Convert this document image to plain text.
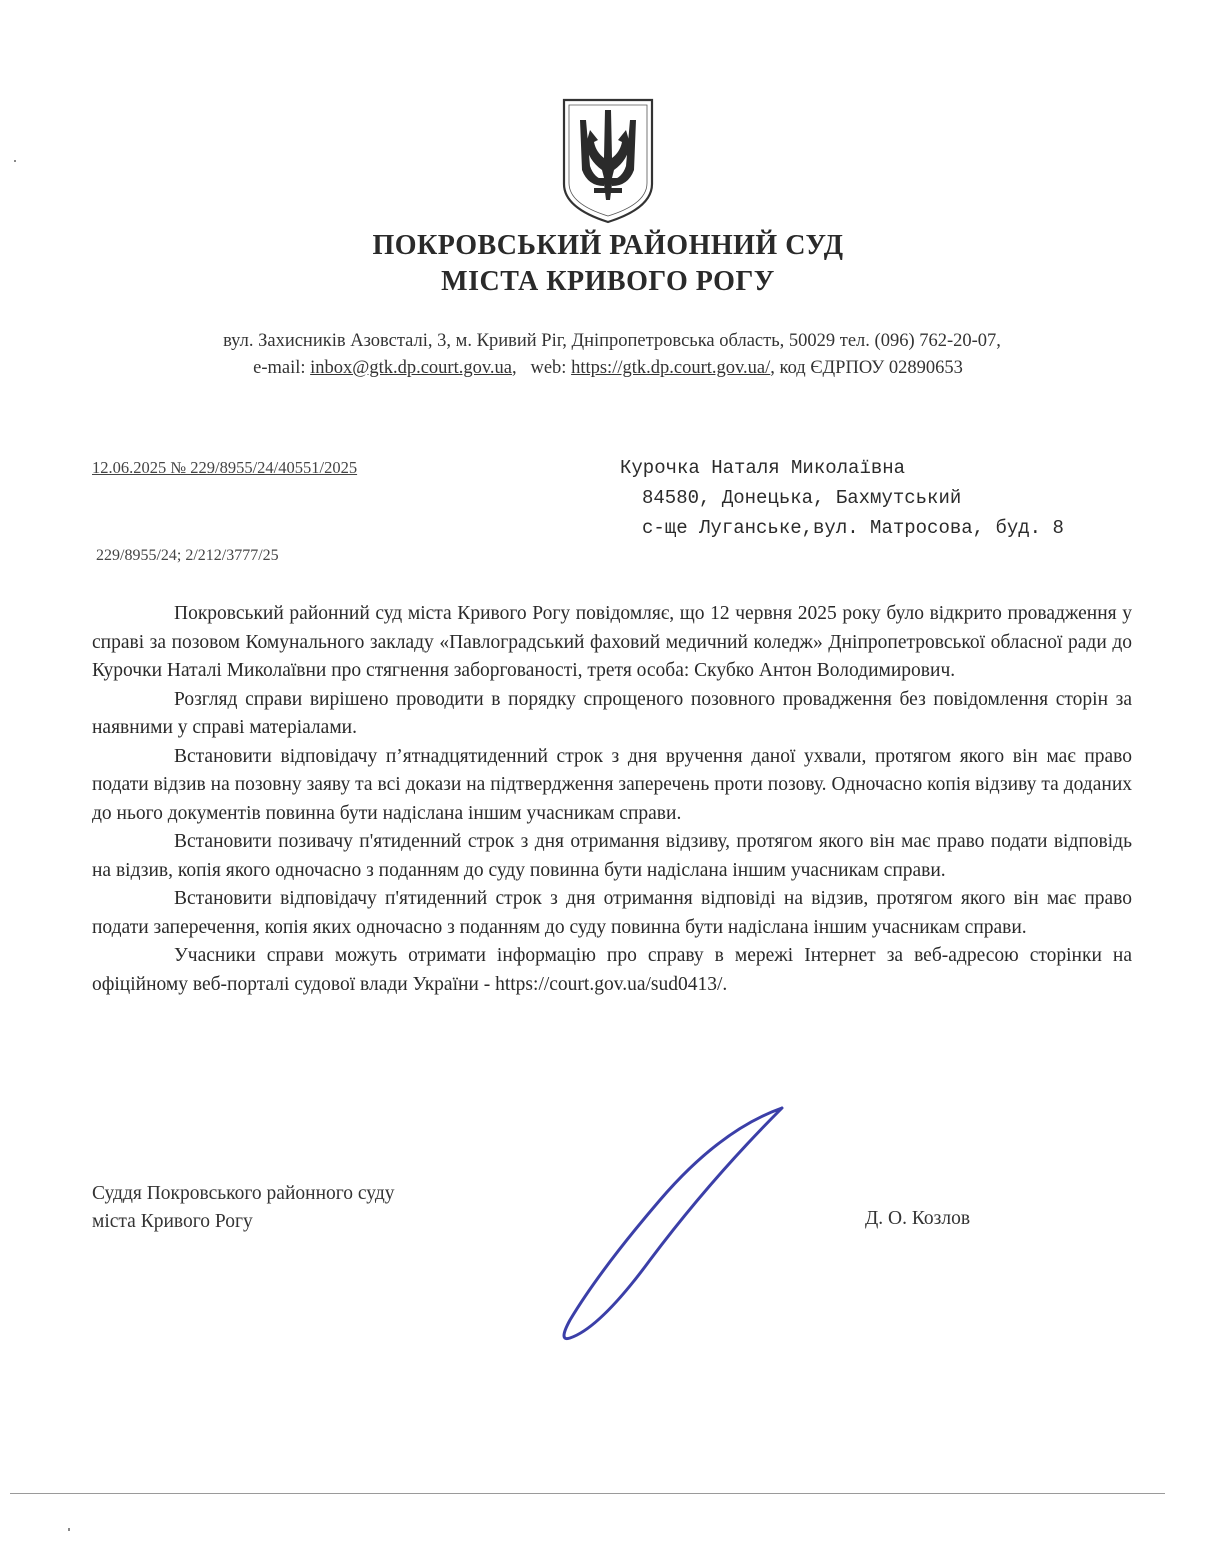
ПОКРОВСЬКИЙ РАЙОННИЙ СУД
МІСТА КРИВОГО РОГУ
вул. Захисників Азовсталі, 3, м. Кривий Ріг, Дніпропетровська область, 50029 тел. (096) 762-20-07,
e-mail: inbox@gtk.dp.court.gov.ua,   web: https://gtk.dp.court.gov.ua/, код ЄДРПОУ 02890653
12.06.2025 № 229/8955/24/40551/2025	Курочка Наталя Миколаївна
84580, Донецька, Бахмутський
с-ще Луганське,вул. Матросова, буд. 8
229/8955/24; 2/212/3777/25

Покровський районний суд міста Кривого Рогу повідомляє, що 12 червня 2025 року було відкрито провадження у справі за позовом Комунального закладу «Павлоградський фаховий медичний коледж» Дніпропетровської обласної ради до Курочки Наталі Миколаївни про стягнення заборгованості, третя особа: Скубко Антон Володимирович.

Розгляд справи вирішено проводити в порядку спрощеного позовного провадження без повідомлення сторін за наявними у справі матеріалами.

Встановити відповідачу п’ятнадцятиденний строк з дня вручення даної ухвали, протягом якого він має право подати відзив на позовну заяву та всі докази на підтвердження заперечень проти позову. Одночасно копія відзиву та доданих до нього документів повинна бути надіслана іншим учасникам справи.

Встановити позивачу п'ятиденний строк з дня отримання відзиву, протягом якого він має право подати відповідь на відзив, копія якого одночасно з поданням до суду повинна бути надіслана іншим учасникам справи.

Встановити відповідачу п'ятиденний строк з дня отримання відповіді на відзив, протягом якого він має право подати заперечення, копія яких одночасно з поданням до суду повинна бути надіслана іншим учасникам справи.

Учасники справи можуть отримати інформацію про справу в мережі Інтернет за веб-адресою сторінки на офіційному веб-порталі судової влади України - https://court.gov.ua/sud0413/.

Суддя Покровського районного суду
міста Кривого Рогу	Д. О. Козлов
